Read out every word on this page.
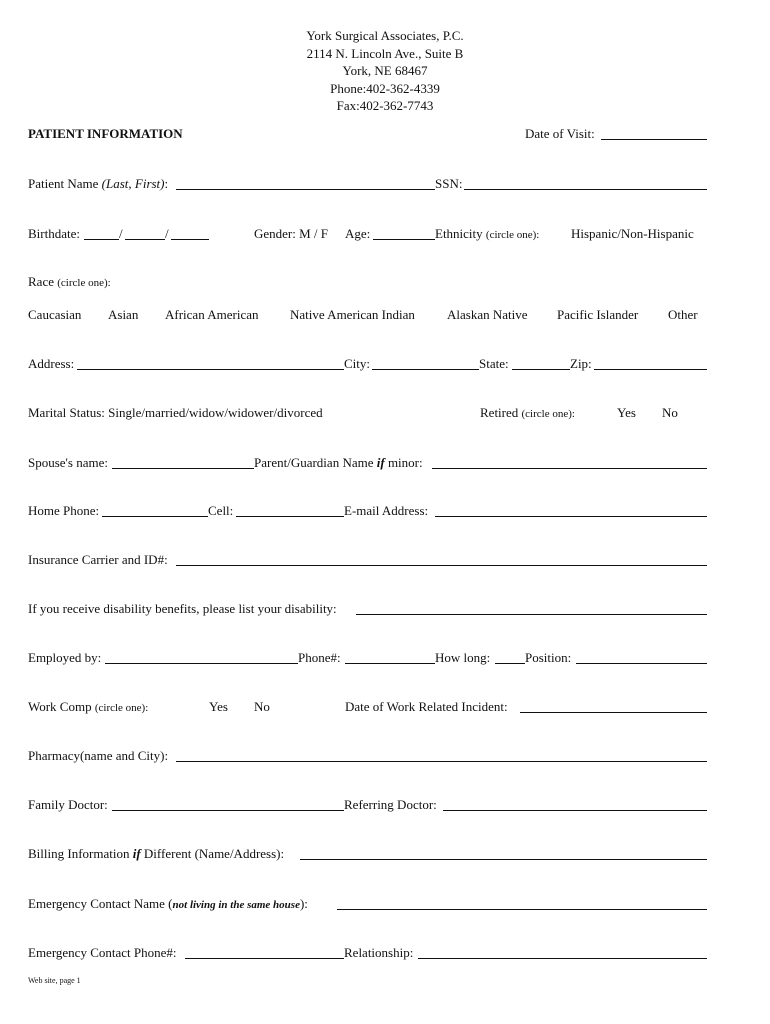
York Surgical Associates, P.C.
2114 N. Lincoln Ave., Suite B
York, NE 68467
Phone:402-362-4339
Fax:402-362-7743
PATIENT INFORMATION	Date of Visit:
Patient Name (Last, First):	SSN:
Birthdate:	/	/	Gender: M / F Age:	Ethnicity (circle one): Hispanic/Non-Hispanic
Race (circle one):
Caucasian Asian African American Native American Indian Alaskan Native Pacific Islander Other
Address:	City:	State:	Zip:
Marital Status: Single/married/widow/widower/divorced	Retired (circle one):	Yes No
Spouse's name:	Parent/Guardian Name if minor:
Home Phone:	Cell:	E-mail Address:
Insurance Carrier and ID#:
If you receive disability benefits, please list your disability:
Employed by:	Phone#:	How long:	Position:
Work Comp (circle one):	Yes No	Date of Work Related Incident:
Pharmacy(name and City):
Family Doctor:	Referring Doctor:
Billing Information if Different (Name/Address):
Emergency Contact Name (not living in the same house):
Emergency Contact Phone#:	Relationship:
Web site, page 1
